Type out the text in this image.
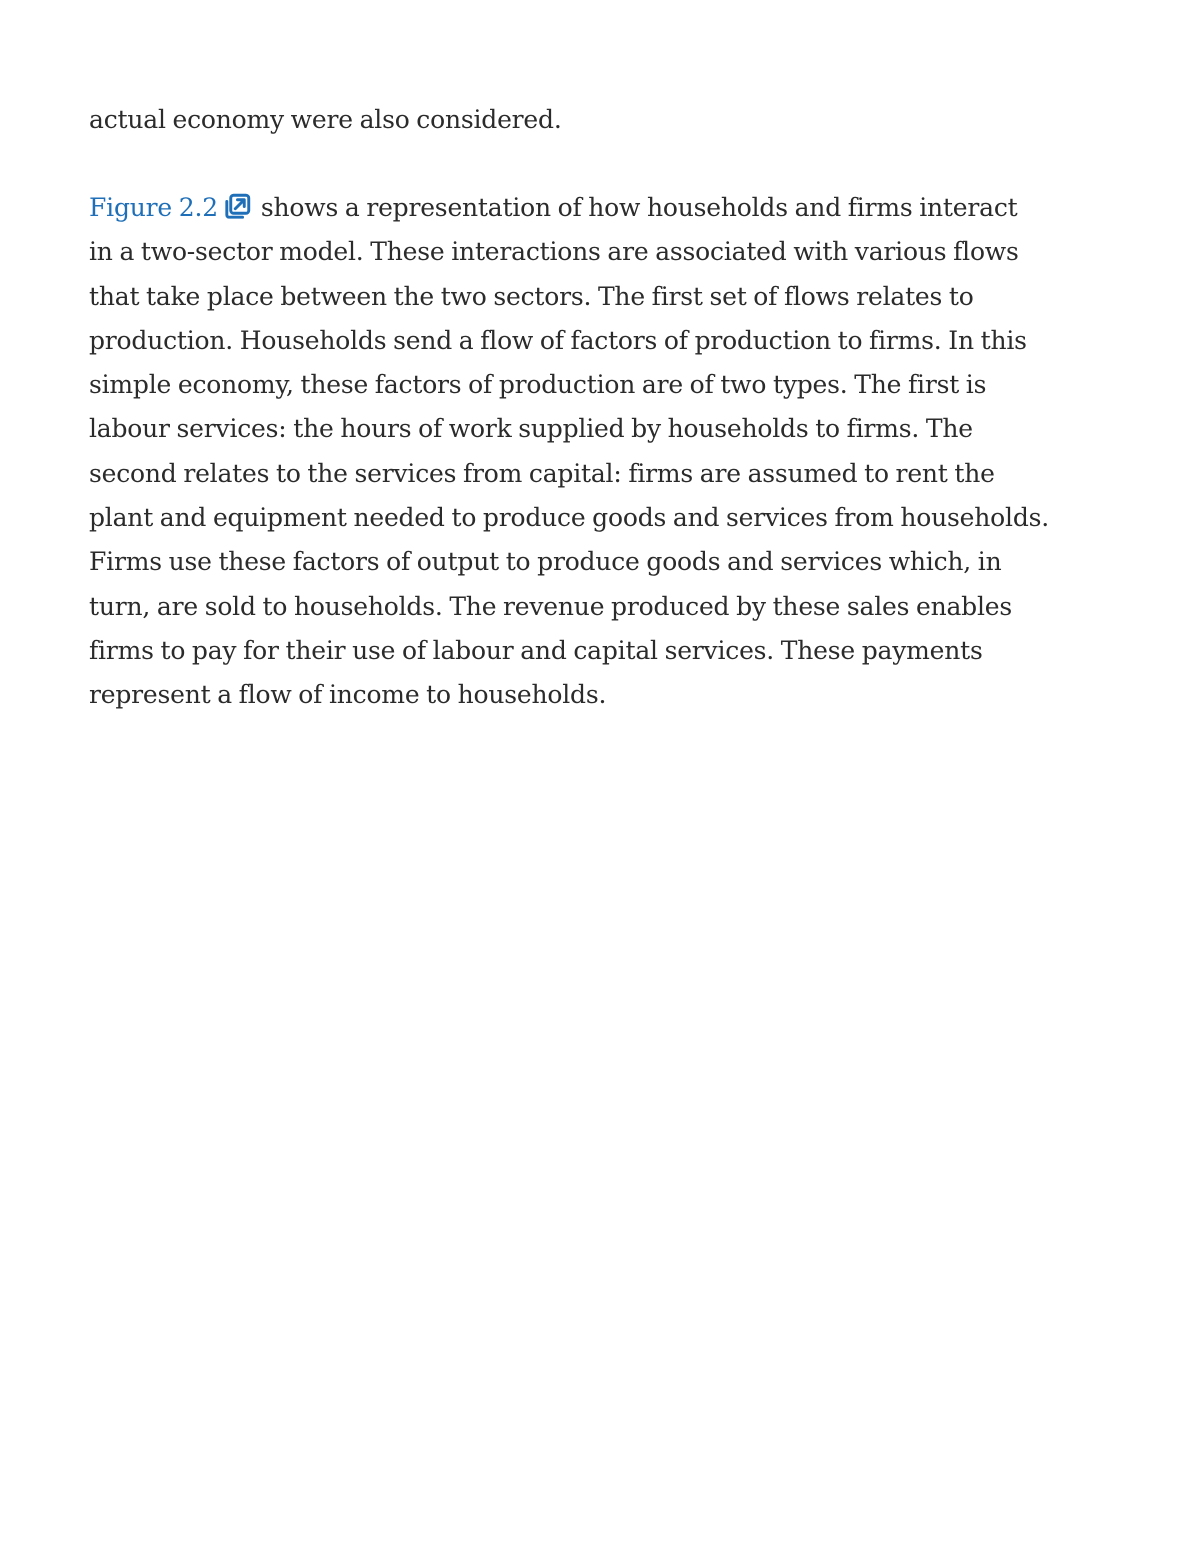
actual economy were also considered.

Figure 2.2 shows a representation of how households and firms interact
in a two-sector model. These interactions are associated with various flows
that take place between the two sectors. The first set of flows relates to
production. Households send a flow of factors of production to firms. In this
simple economy, these factors of production are of two types. The first is
labour services: the hours of work supplied by households to firms. The
second relates to the services from capital: firms are assumed to rent the
plant and equipment needed to produce goods and services from households.
Firms use these factors of output to produce goods and services which, in
turn, are sold to households. The revenue produced by these sales enables
firms to pay for their use of labour and capital services. These payments
represent a flow of income to households.
